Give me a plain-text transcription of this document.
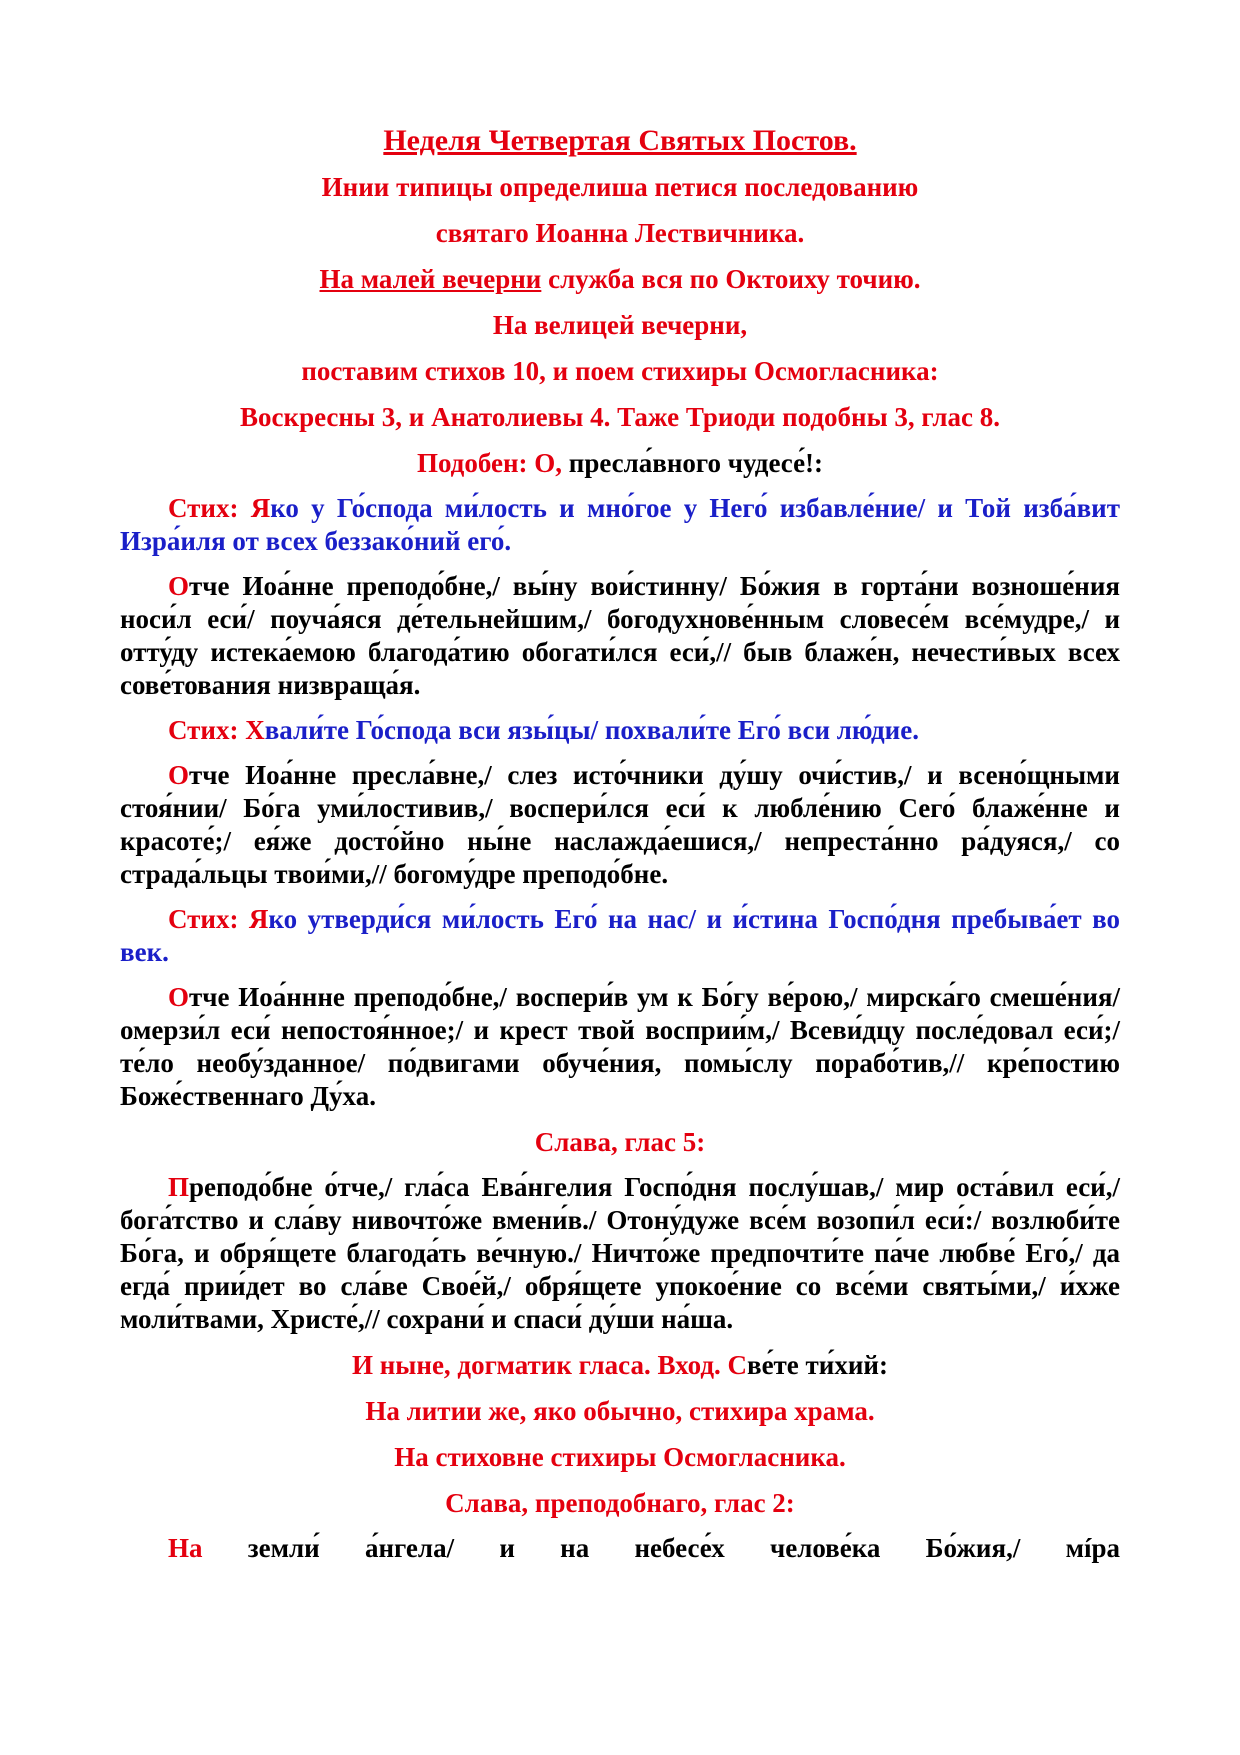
Неделя Четвертая Святых Постов.

Инии типицы определиша петися последованию

святаго Иоанна Лествичника.

На малей вечерни служба вся по Октоиху точию.

На велицей вечерни,

поставим стихов 10, и поем стихиры Осмогласника:

Воскресны 3, и Анатолиевы 4. Таже Триоди подобны 3, глас 8.

Подобен: О, пресла́вного чудесе́!:

Стих: Яко у Го́спода ми́лость и мно́гое у Него́ избавле́ние/ и Той изба́вит Изра́иля от всех беззако́ний его́.

Отче Иоа́нне преподо́бне,/ вы́ну вои́стинну/ Бо́жия в горта́ни возноше́ния носи́л еси́/ поуча́яся де́тельнейшим,/ богодухнове́нным словесе́м все́мудре,/ и отту́ду истека́емою благода́тию обогати́лся еси́,// быв блаже́н, нечести́вых всех сове́тования низвраща́я.

Стих: Хвали́те Го́спода вси язы́цы/ похвали́те Его́ вси лю́дие.

Отче Иоа́нне пресла́вне,/ слез исто́чники ду́шу очи́стив,/ и всено́щными стоя́нии/ Бо́га уми́лостивив,/ воспери́лся еси́ к любле́нию Сего́ блаже́нне и красоте́;/ ея́же досто́йно ны́не наслажда́ешися,/ непреста́нно ра́дуяся,/ со страда́льцы твои́ми,// богому́дре преподо́бне.

Стих: Яко утверди́ся ми́лость Его́ на нас/ и и́стина Госпо́дня пребыва́ет во век.

Отче Иоа́ннне преподо́бне,/ воспери́в ум к Бо́гу ве́рою,/ мирска́го смеше́ния/ омерзи́л еси́ непостоя́нное;/ и крест твой восприи́м,/ Всеви́дцу после́довал еси́;/ те́ло необу́зданное/ по́двигами обуче́ния, помы́слу порабо́тив,// кре́постию Боже́ственнаго Ду́ха.

Слава, глас 5:

Преподо́бне о́тче,/ гла́са Ева́нгелия Госпо́дня послу́шав,/ мир оста́вил еси́,/ бога́тство и сла́ву нивочто́же вмени́в./ Отону́дуже все́м возопи́л еси́:/ возлюби́те Бо́га, и обря́щете благода́ть ве́чную./ Ничто́же предпочти́те па́че любве́ Его́,/ да егда́ прии́дет во сла́ве Свое́й,/ обря́щете упокое́ние со все́ми святы́ми,/ и́хже моли́твами, Христе́,// сохрани́ и спаси́ ду́ши на́ша.

И ныне, догматик гласа. Вход. Све́те ти́хий:

На литии же, яко обычно, стихира храма.

На стиховне стихиры Осмогласника.

Слава, преподобнаго, глас 2:

На земли́ а́нгела/ и на небесе́х челове́ка Бо́жия,/ мíра
